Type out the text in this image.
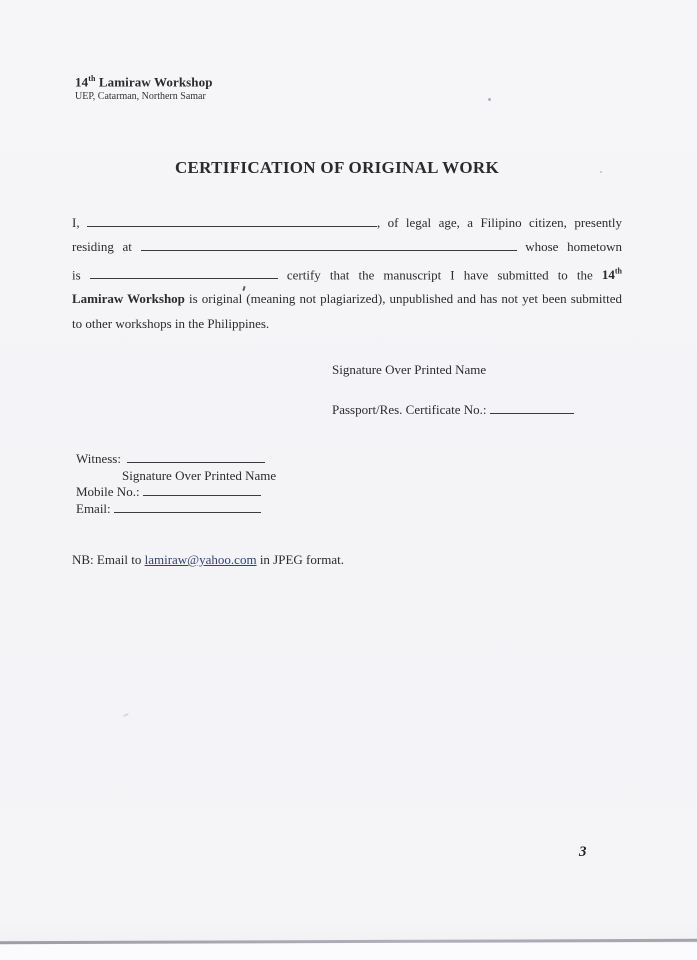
14th Lamiraw Workshop
UEP, Catarman, Northern Samar
CERTIFICATION OF ORIGINAL WORK
I,	, of legal age, a Filipino citizen, presently
residing at	whose hometown
is	certify that the manuscript I have submitted to the 14th
Lamiraw Workshop is original (meaning not plagiarized), unpublished and has not yet been submitted
to other workshops in the Philippines.
Signature Over Printed Name
Passport/Res. Certificate No.:
Witness:
Signature Over Printed Name
Mobile No.:
Email:
NB: Email to lamiraw@yahoo.com in JPEG format.
3
